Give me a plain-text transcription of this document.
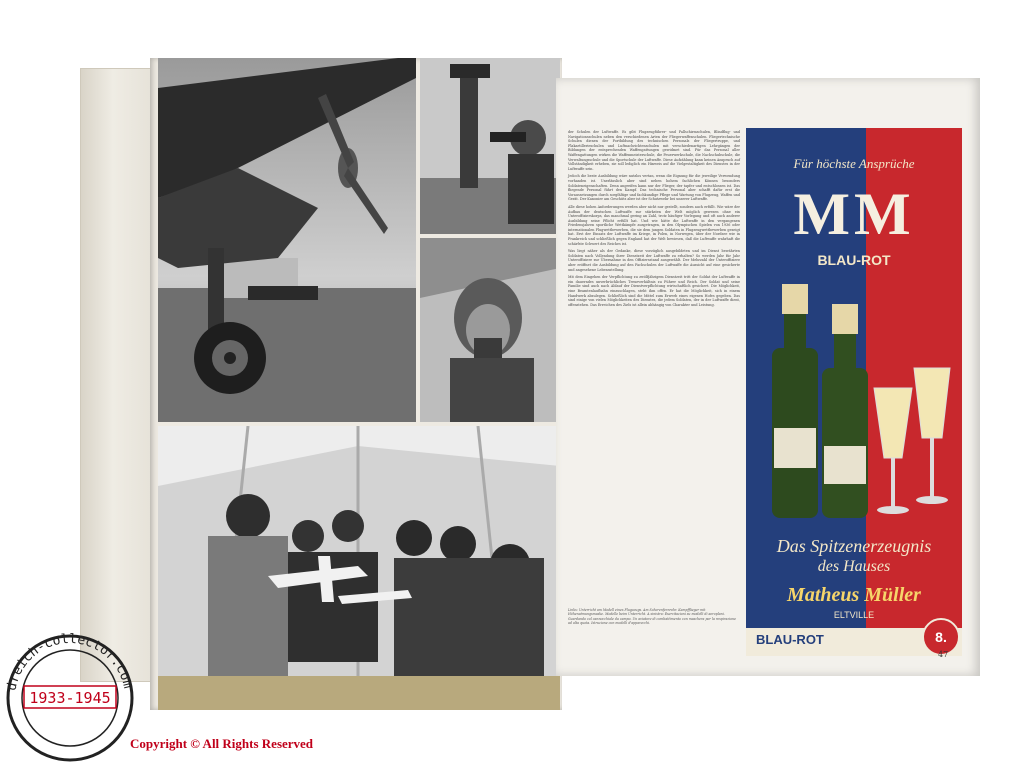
der Schulen der Luftwaffe. Es gibt Flugzeugführer- und Fallschirmschulen, Blindflug- und Navigationsschulen neben den verschiedenen Arten der Fliegerwaffenschulen. Fliegertechnische Schulen dienen der Fortbildung des technischen Personals der Fliegertruppe, und Flakartillerieschulen und Luftnachrichtenschulen mit verschiedenartigen Lehrgängen der Bildungen der entsprechenden Waffengattungen gewidmet sind. Für das Personal aller Waffengattungen wirken die Waffenmeisterschule, die Feuerwerkschule, die Nachschubschule, die Verwaltungsschule und die Sportschule der Luftwaffe. Diese Aufzählung kann keinen Anspruch auf Vollständigkeit erheben, sie soll lediglich ein Hinweis auf die Vielgestaltigkeit des Dienstes in der Luftwaffe sein.

Jedoch die beste Ausbildung wäre nutzlos vertan, wenn die Eignung für die jeweilige Verwendung vorhanden ist. Unerlässlich aber sind neben hohem fachlichen Können besonders Soldateneigenschaften. Denn angreifen kann nur der Flieger, der tapfer und entschlossen ist. Das fliegende Personal führt den Kampf. Das technische Personal aber schafft dafür erst die Voraussetzungen durch sorgfältige und fachkundige Pflege und Wartung von Flugzeug, Waffen und Gerät. Der Kanonier am Geschütz aber ist der Schutzwehr bei unserer Luftwaffe.

Alle diese hohen Anforderungen werden aber nicht nur gestellt, sondern auch erfüllt. Wie wäre der Aufbau der deutschen Luftwaffe zur stärksten der Welt möglich gewesen ohne ein Unteroffizierskorps, das manchmal gering an Zahl, trotz häufiger Vorlegung und oft auch anderer Ausbildung seine Pflicht erfüllt hat. Und wie hätte die Luftwaffe in den vergangenen Friedensjahren sportliche Wettkämpfe ausgetragen, in den Olympischen Spielen von 1936 oder internationalen Flugwettbewerben, die sie dem jungen Soldaten in Flugzeugwettbewerben gezeigt hat. Erst der Einsatz der Luftwaffe im Kriege, in Polen, in Norwegen, über der Nordsee wie in Frankreich und schließlich gegen England hat der Welt bewiesen, daß die Luftwaffe wahrhaft die schärfste Schwert des Reiches ist.

Was liegt näher als der Gedanke, diese vorzüglich ausgebildeten und im Dienst bewährten Soldaten nach Vollendung ihrer Dienstzeit der Luftwaffe zu erhalten? So werden Jahr für Jahr Unteroffiziere zur Übernahme in den Offiziersstand ausgewählt. Der Mehrzahl der Unteroffiziere aber eröffnet die Ausbildung auf den Fachschulen der Luftwaffe die Aussicht auf eine gesicherte und angesehene Lebensstellung.

Mit dem Eingehen der Verpflichtung zu zwölfjährigem Dienstzeit tritt der Soldat der Luftwaffe in ein dauerndes unverbrüchliches Treueverhältnis zu Führer und Reich. Der Soldat und seine Familie sind auch nach Ablauf der Dienstverpflichtung wirtschaftlich gesichert. Die Möglichkeit, eine Beamtenlaufbahn einzuschlagen, steht ihm offen. Er hat die Möglichkeit, sich in einem Handwerk abzulegen. Schließlich sind die Mittel zum Erwerb eines eigenen Hofes gegeben. Das sind einige von vielen Möglichkeiten des Dienstes, die jedem Soldaten, der in der Luftwaffe dient, offenstehen. Das Erreichen des Ziels ist allein abhängig von Charakter und Leistung.

Links: Unterricht am Modell eines Flugzeugs. Am Scherenfernrohr. Kampfflieger mit Höhenatmungsmaske. Modelle beim Unterricht. A sinistra: Esercitazioni su modelli di aeroplani. Guardando col cannocchiale da campo. Un aviatore di combattimento con maschera per la respirazione ad alta quota. Istruzione con modelli d'apparecchi.
Für höchste Ansprüche
MM
BLAU-ROT
Das Spitzenerzeugnis
des Hauses
Matheus Müller
ELTVILLE
BLAU-ROT	8.
47
dreich-collector.com
1933-1945
Copyright © All Rights Reserved
